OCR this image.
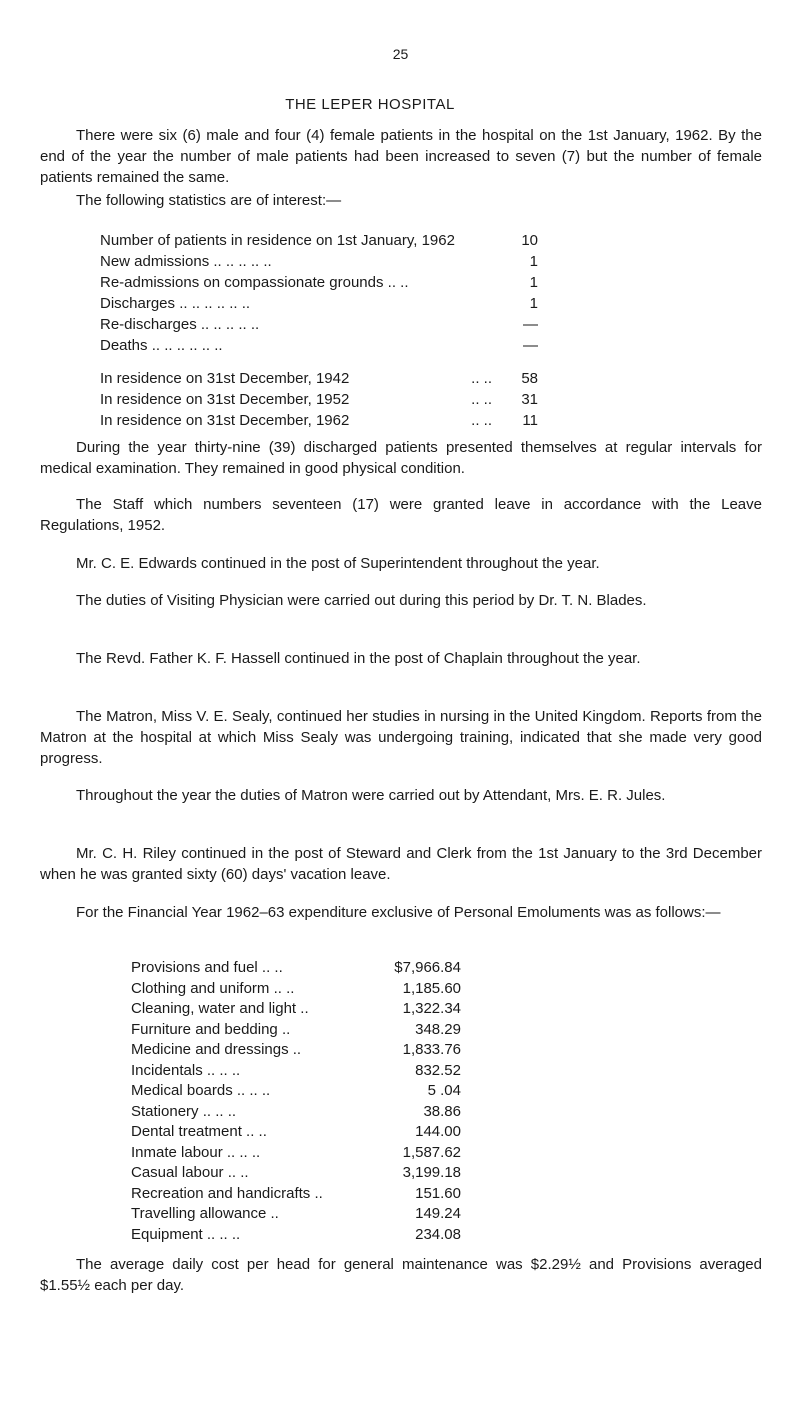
25
THE LEPER HOSPITAL

There were six (6) male and four (4) female patients in the hospital on the 1st January, 1962. By the end of the year the number of male patients had been increased to seven (7) but the number of female patients remained the same.

The following statistics are of interest:—

Number of patients in residence on 1st January, 1962	10
New admissions .. .. .. .. ..	1
Re-admissions on compassionate grounds .. ..	1
Discharges .. .. .. .. .. ..	1
Re-discharges .. .. .. .. ..	—
Deaths .. .. .. .. .. ..	—
In residence on 31st December, 1942	.. ..	58
In residence on 31st December, 1952	.. ..	31
In residence on 31st December, 1962	.. ..	11

During the year thirty-nine (39) discharged patients presented themselves at regular intervals for medical examination. They remained in good physical condition.

The Staff which numbers seventeen (17) were granted leave in accordance with the Leave Regulations, 1952.

Mr. C. E. Edwards continued in the post of Superintendent throughout the year.

The duties of Visiting Physician were carried out during this period by Dr. T. N. Blades.

The Revd. Father K. F. Hassell continued in the post of Chaplain throughout the year.

The Matron, Miss V. E. Sealy, continued her studies in nursing in the United Kingdom. Reports from the Matron at the hospital at which Miss Sealy was undergoing training, indicated that she made very good progress.

Throughout the year the duties of Matron were carried out by Attendant, Mrs. E. R. Jules.

Mr. C. H. Riley continued in the post of Steward and Clerk from the 1st January to the 3rd December when he was granted sixty (60) days' vacation leave.

For the Financial Year 1962–63 expenditure exclusive of Personal Emoluments was as follows:—

Provisions and fuel .. ..	$7,966.84
Clothing and uniform .. ..	1,185.60
Cleaning, water and light ..	1,322.34
Furniture and bedding ..	348.29
Medicine and dressings ..	1,833.76
Incidentals .. .. ..	832.52
Medical boards .. .. ..	5 .04
Stationery .. .. ..	38.86
Dental treatment .. ..	144.00
Inmate labour .. .. ..	1,587.62
Casual labour .. ..	3,199.18
Recreation and handicrafts ..	151.60
Travelling allowance ..	149.24
Equipment .. .. ..	234.08

The average daily cost per head for general maintenance was $2.29½ and Provisions averaged $1.55½ each per day.
